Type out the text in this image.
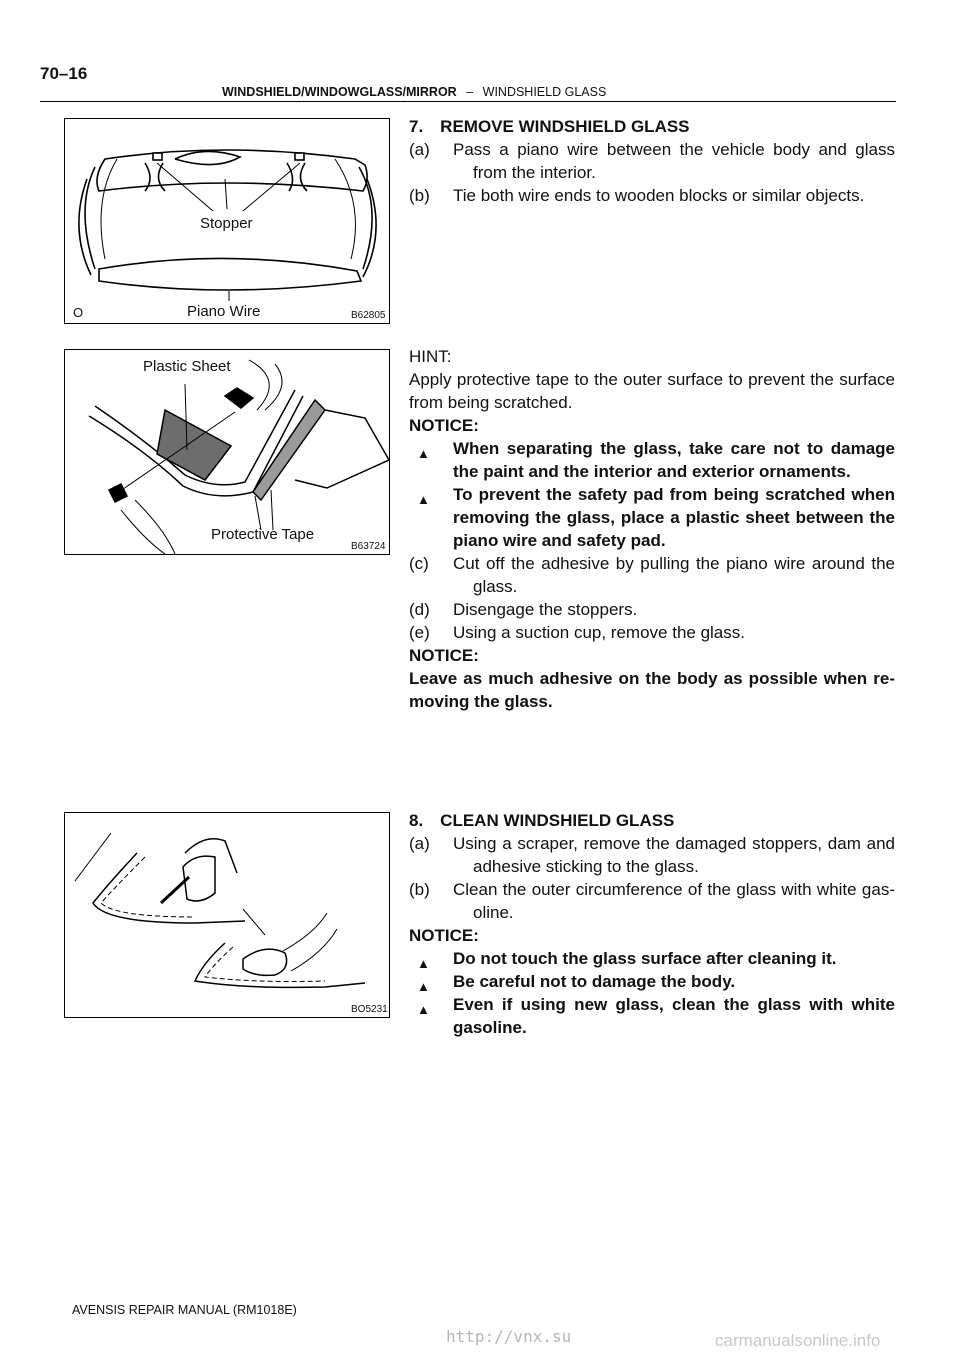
70–16
WINDSHIELD/WINDOWGLASS/MIRROR – WINDSHIELD GLASS
Stopper
Piano Wire
O	B62805
Plastic Sheet
Protective Tape
B63724
BO5231
7. REMOVE WINDSHIELD GLASS
(a) Pass a piano wire between the vehicle body and glass
from the interior.
(b) Tie both wire ends to wooden blocks or similar objects.
HINT:
Apply protective tape to the outer surface to prevent the surface
from being scratched.
NOTICE:
▲ When separating the glass, take care not to damage
the paint and the interior and exterior ornaments.
▲ To prevent the safety pad from being scratched when
removing the glass, place a plastic sheet between the
piano wire and safety pad.
(c) Cut off the adhesive by pulling the piano wire around the
glass.
(d) Disengage the stoppers.
(e) Using a suction cup, remove the glass.
NOTICE:
Leave as much adhesive on the body as possible when re-
moving the glass.
8. CLEAN WINDSHIELD GLASS
(a) Using a scraper, remove the damaged stoppers, dam and
adhesive sticking to the glass.
(b) Clean the outer circumference of the glass with white gas-
oline.
NOTICE:
▲ Do not touch the glass surface after cleaning it.
▲ Be careful not to damage the body.
▲ Even if using new glass, clean the glass with white
gasoline.
AVENSIS REPAIR MANUAL (RM1018E)
http://vnx.su	carmanualsonline.info
